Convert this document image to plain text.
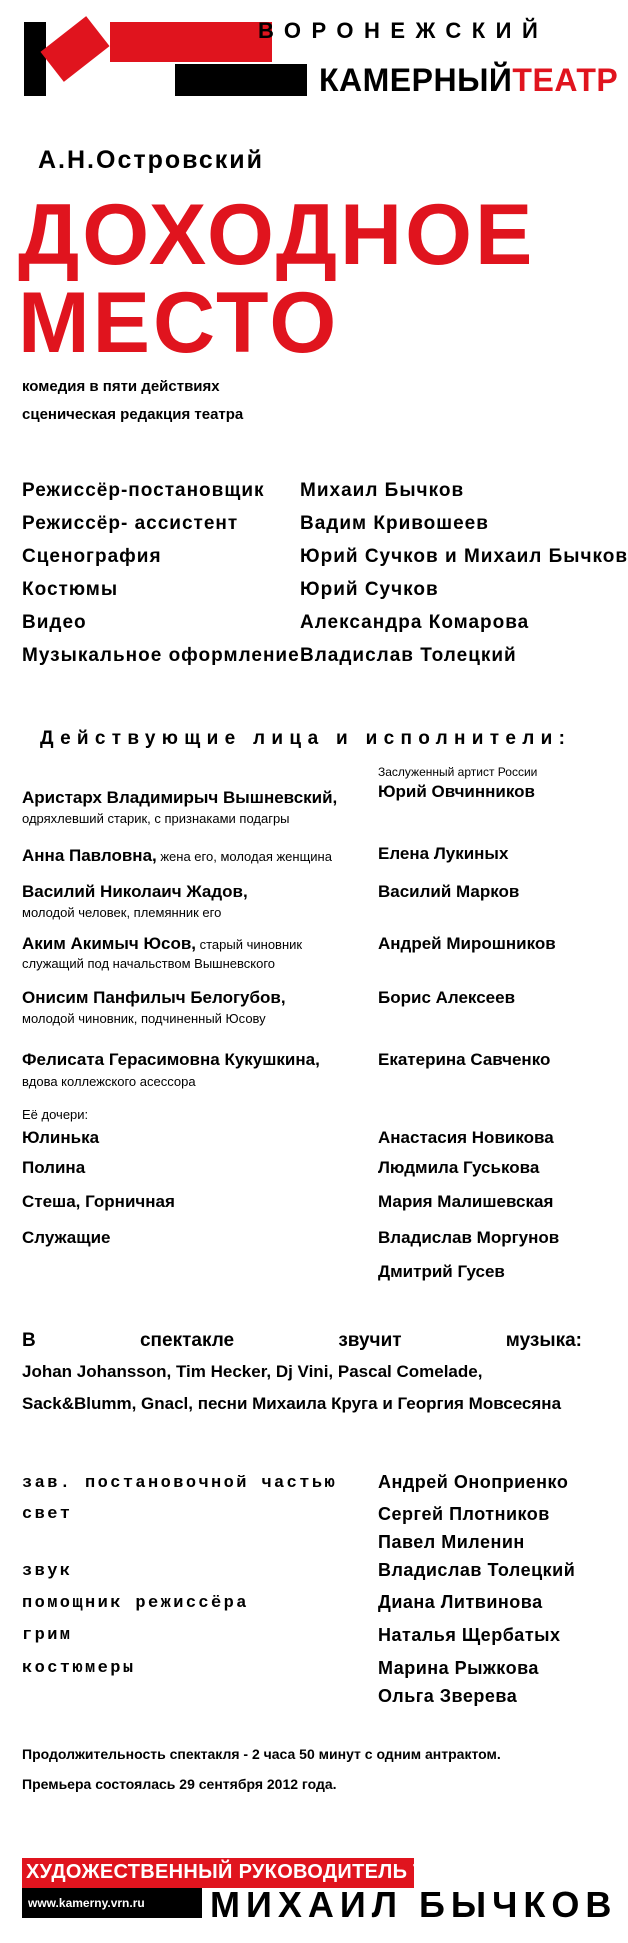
ВОРОНЕЖСКИЙ
КАМЕРНЫЙТЕАТР
А.Н.Островский
ДОХОДНОЕ
МЕСТО
комедия в пяти действиях
сценическая редакция театра
Режиссёр-постановщик Михаил Бычков
Режиссёр- ассистент	Вадим Кривошеев
Сценография	Юрий Сучков и Михаил Бычков
Костюмы	Юрий Сучков
Видео	Александра Комарова
Музыкальное оформление Владислав Толецкий
Действующие лица и исполнители:
Заслуженный артист России
Аристарх Владимирыч Вышневский,
одряхлевший старик, с признаками подагры
Юрий Овчинников
Анна Павловна, жена его, молодая женщина	Елена Лукиных
Василий Николаич Жадов,
молодой человек, племянник его
Василий Марков
Аким Акимыч Юсов, старый чиновник
служащий под начальством Вышневского
Андрей Мирошников
Онисим Панфилыч Белогубов,
молодой чиновник, подчиненный Юсову
Борис Алексеев
Фелисата Герасимовна Кукушкина,
вдова коллежского асессора
Екатерина Савченко
Её дочери:
Юлинька	Анастасия Новикова
Полина	Людмила Гуськова
Стеша, Горничная	Мария Малишевская
Служащие	Владислав Моргунов
Дмитрий Гусев
В	спектакле	звучит	музыка:
Johan Johansson, Tim Hecker, Dj Vini, Pascal Comelade,
Sack&Blumm, Gnacl, песни Михаила Круга и Георгия Мовсесяна
зав. постановочной частью Андрей Оноприенко
свет	Сергей Плотников
Павел Миленин
звук	Владислав Толецкий
помощник режиссёра	Диана Литвинова
грим	Наталья Щербатых
костюмеры	Марина Рыжкова
Ольга Зверева
Продолжительность спектакля - 2 часа 50 минут с одним антрактом.
Премьера состоялась 29 сентября 2012 года.
ХУДОЖЕСТВЕННЫЙ РУКОВОДИТЕЛЬ ТЕАТРА
www.kamerny.vrn.ru МИХАИЛ БЫЧКОВ
